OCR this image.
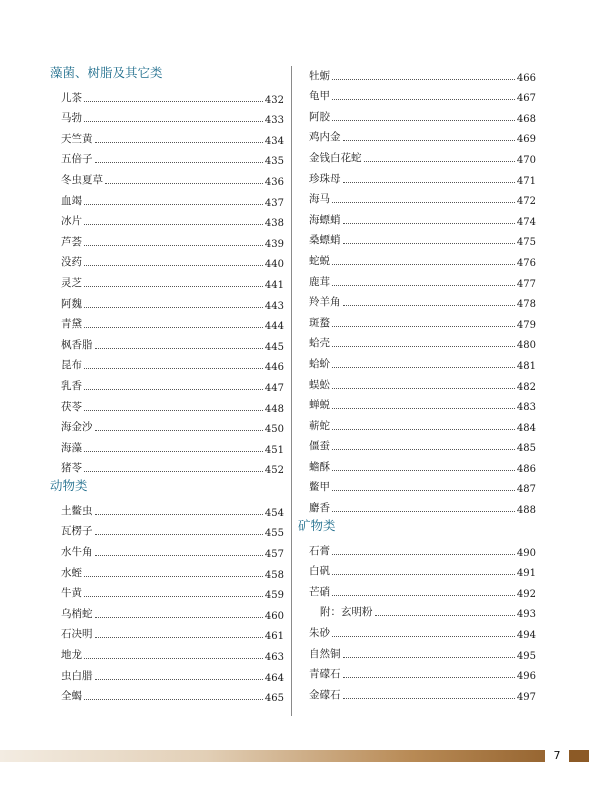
藻菌、树脂及其它类
儿茶	432
马勃	433
天竺黄	434
五倍子	435
冬虫夏草	436
血竭	437
冰片	438
芦荟	439
没药	440
灵芝	441
阿魏	443
青黛	444
枫香脂	445
昆布	446
乳香	447
茯苓	448
海金沙	450
海藻	451
猪苓	452
动物类
土鳖虫	454
瓦楞子	455
水牛角	457
水蛭	458
牛黄	459
乌梢蛇	460
石决明	461
地龙	463
虫白腊	464
全蝎	465
牡蛎	466
龟甲	467
阿胶	468
鸡内金	469
金钱白花蛇	470
珍珠母	471
海马	472
海螵蛸	474
桑螵蛸	475
蛇蜕	476
鹿茸	477
羚羊角	478
斑蝥	479
蛤壳	480
蛤蚧	481
蜈蚣	482
蝉蜕	483
蕲蛇	484
僵蚕	485
蟾酥	486
鳖甲	487
麝香	488
矿物类
石膏	490
白矾	491
芒硝	492
附：玄明粉	493
朱砂	494
自然铜	495
青礞石	496
金礞石	497
7
